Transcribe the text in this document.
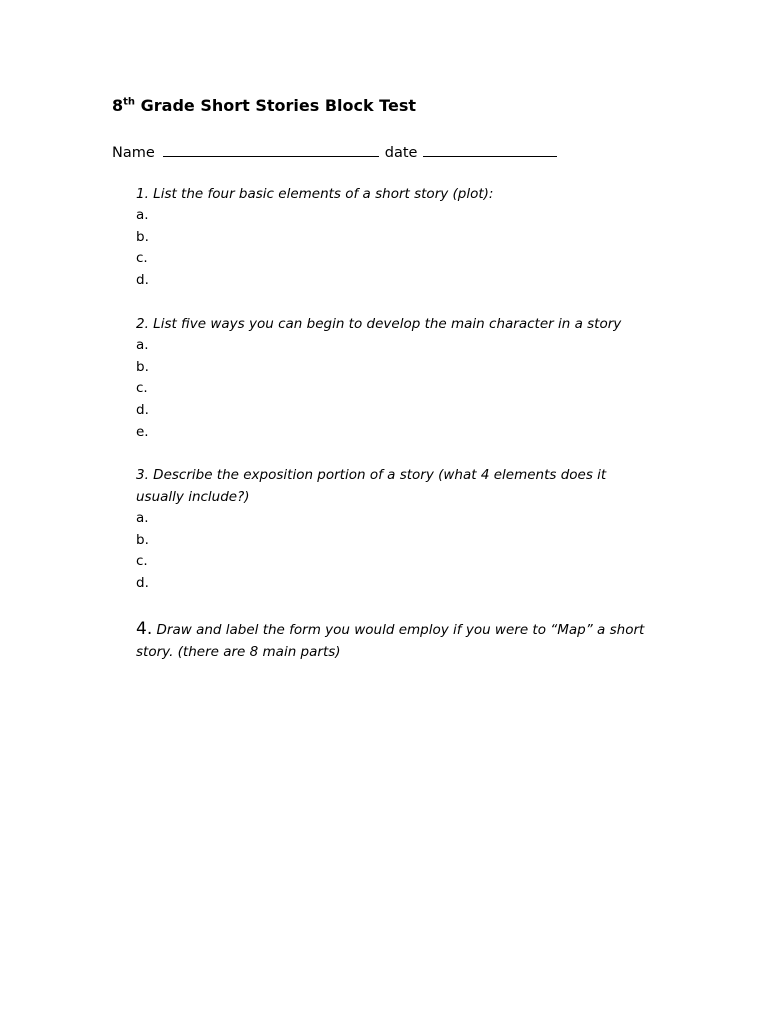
8th Grade Short Stories Block Test
Name	date
1. List the four basic elements of a short story (plot):
a.
b.
c.
d.
2. List five ways you can begin to develop the main character in a story
a.
b.
c.
d.
e.
3. Describe the exposition portion of a story (what 4 elements does it usually include?)
a.
b.
c.
d.
4. Draw and label the form you would employ if you were to “Map” a short story. (there are 8 main parts)
